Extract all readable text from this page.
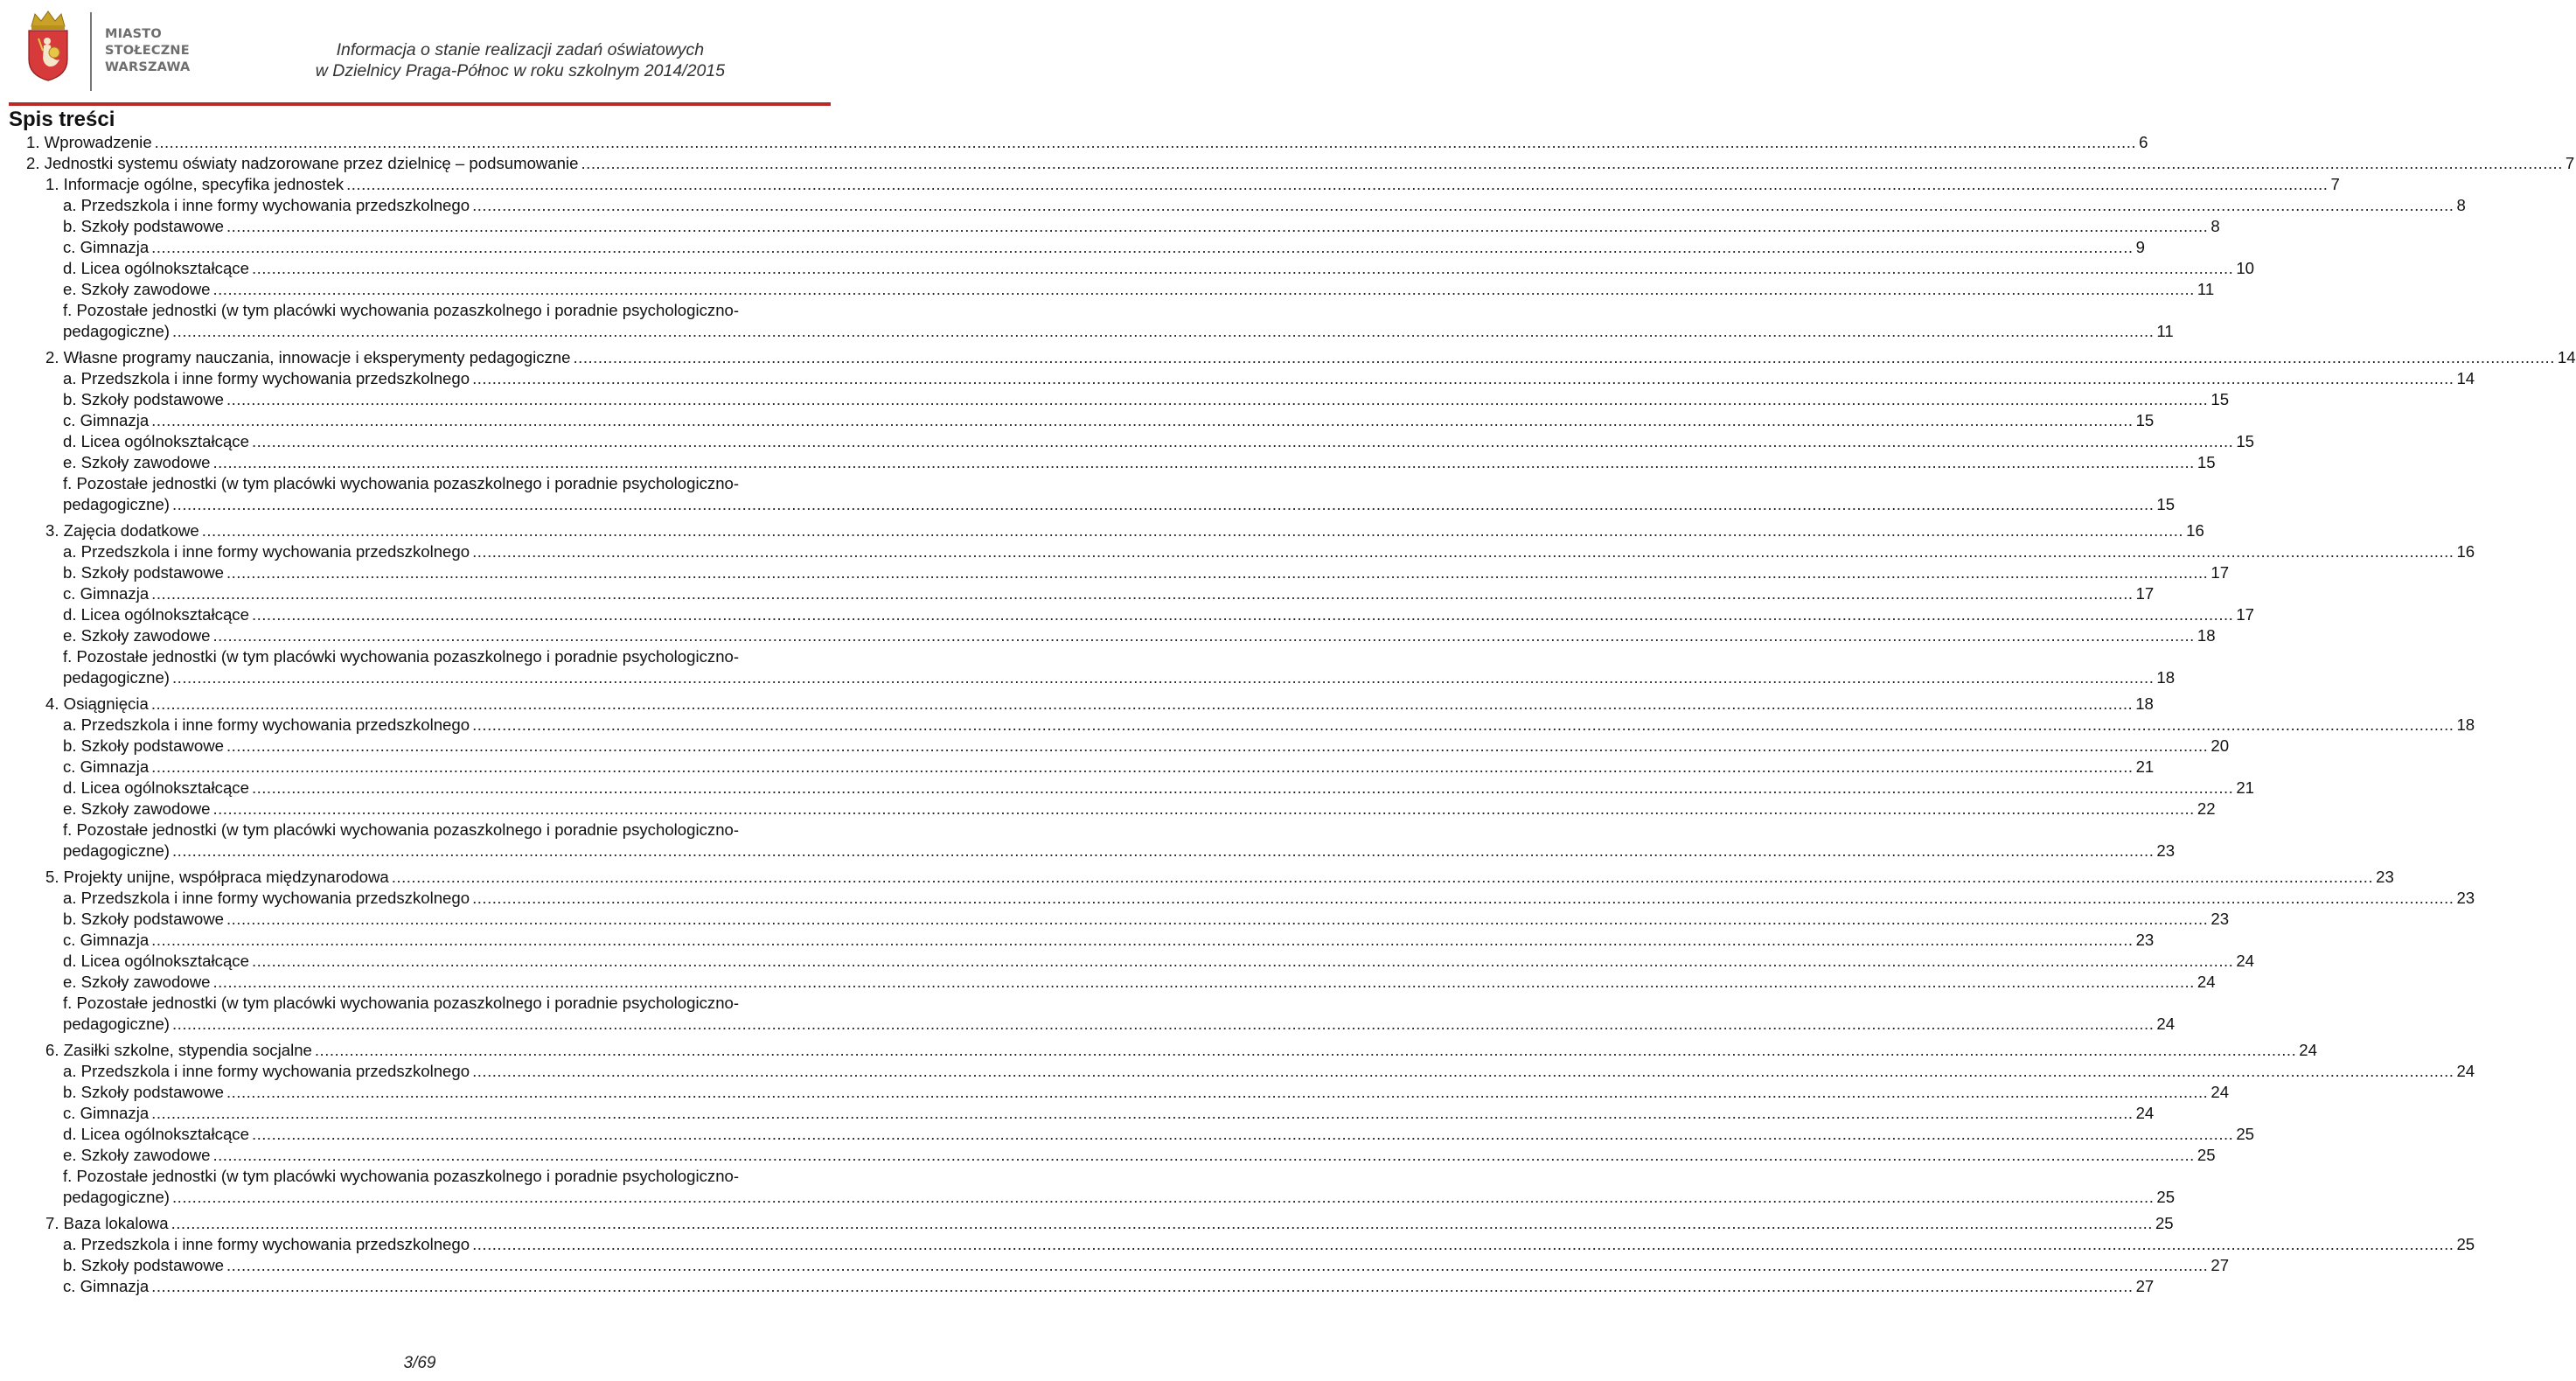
MIASTO
STOŁECZNE
WARSZAWA
Informacja o stanie realizacji zadań oświatowych
w Dzielnicy Praga-Północ w roku szkolnym 2014/2015
Spis treści
1. Wprowadzenie ................................................................................................................................................................................................................................................................................................................................................................................................................ 6
2. Jednostki systemu oświaty nadzorowane przez dzielnicę – podsumowanie ................................................................................................................................................................................................................................................................................................................................................................................................................ 7
1. Informacje ogólne, specyfika jednostek ................................................................................................................................................................................................................................................................................................................................................................................................................ 7
a. Przedszkola i inne formy wychowania przedszkolnego ................................................................................................................................................................................................................................................................................................................................................................................................................ 8
b. Szkoły podstawowe ................................................................................................................................................................................................................................................................................................................................................................................................................ 8
c. Gimnazja ................................................................................................................................................................................................................................................................................................................................................................................................................ 9
d. Licea ogólnokształcące ................................................................................................................................................................................................................................................................................................................................................................................................................ 10
e. Szkoły zawodowe ................................................................................................................................................................................................................................................................................................................................................................................................................ 11
f. Pozostałe jednostki (w tym placówki wychowania pozaszkolnego i poradnie psychologiczno-
pedagogiczne) ................................................................................................................................................................................................................................................................................................................................................................................................................ 11
2. Własne programy nauczania, innowacje i eksperymenty pedagogiczne ................................................................................................................................................................................................................................................................................................................................................................................................................ 14
a. Przedszkola i inne formy wychowania przedszkolnego ................................................................................................................................................................................................................................................................................................................................................................................................................ 14
b. Szkoły podstawowe ................................................................................................................................................................................................................................................................................................................................................................................................................ 15
c. Gimnazja ................................................................................................................................................................................................................................................................................................................................................................................................................ 15
d. Licea ogólnokształcące ................................................................................................................................................................................................................................................................................................................................................................................................................ 15
e. Szkoły zawodowe ................................................................................................................................................................................................................................................................................................................................................................................................................ 15
f. Pozostałe jednostki (w tym placówki wychowania pozaszkolnego i poradnie psychologiczno-
pedagogiczne) ................................................................................................................................................................................................................................................................................................................................................................................................................ 15
3. Zajęcia dodatkowe ................................................................................................................................................................................................................................................................................................................................................................................................................ 16
a. Przedszkola i inne formy wychowania przedszkolnego ................................................................................................................................................................................................................................................................................................................................................................................................................ 16
b. Szkoły podstawowe ................................................................................................................................................................................................................................................................................................................................................................................................................ 17
c. Gimnazja ................................................................................................................................................................................................................................................................................................................................................................................................................ 17
d. Licea ogólnokształcące ................................................................................................................................................................................................................................................................................................................................................................................................................ 17
e. Szkoły zawodowe ................................................................................................................................................................................................................................................................................................................................................................................................................ 18
f. Pozostałe jednostki (w tym placówki wychowania pozaszkolnego i poradnie psychologiczno-
pedagogiczne) ................................................................................................................................................................................................................................................................................................................................................................................................................ 18
4. Osiągnięcia ................................................................................................................................................................................................................................................................................................................................................................................................................ 18
a. Przedszkola i inne formy wychowania przedszkolnego ................................................................................................................................................................................................................................................................................................................................................................................................................ 18
b. Szkoły podstawowe ................................................................................................................................................................................................................................................................................................................................................................................................................ 20
c. Gimnazja ................................................................................................................................................................................................................................................................................................................................................................................................................ 21
d. Licea ogólnokształcące ................................................................................................................................................................................................................................................................................................................................................................................................................ 21
e. Szkoły zawodowe ................................................................................................................................................................................................................................................................................................................................................................................................................ 22
f. Pozostałe jednostki (w tym placówki wychowania pozaszkolnego i poradnie psychologiczno-
pedagogiczne) ................................................................................................................................................................................................................................................................................................................................................................................................................ 23
5. Projekty unijne, współpraca międzynarodowa ................................................................................................................................................................................................................................................................................................................................................................................................................ 23
a. Przedszkola i inne formy wychowania przedszkolnego ................................................................................................................................................................................................................................................................................................................................................................................................................ 23
b. Szkoły podstawowe ................................................................................................................................................................................................................................................................................................................................................................................................................ 23
c. Gimnazja ................................................................................................................................................................................................................................................................................................................................................................................................................ 23
d. Licea ogólnokształcące ................................................................................................................................................................................................................................................................................................................................................................................................................ 24
e. Szkoły zawodowe ................................................................................................................................................................................................................................................................................................................................................................................................................ 24
f. Pozostałe jednostki (w tym placówki wychowania pozaszkolnego i poradnie psychologiczno-
pedagogiczne) ................................................................................................................................................................................................................................................................................................................................................................................................................ 24
6. Zasiłki szkolne, stypendia socjalne ................................................................................................................................................................................................................................................................................................................................................................................................................ 24
a. Przedszkola i inne formy wychowania przedszkolnego ................................................................................................................................................................................................................................................................................................................................................................................................................ 24
b. Szkoły podstawowe ................................................................................................................................................................................................................................................................................................................................................................................................................ 24
c. Gimnazja ................................................................................................................................................................................................................................................................................................................................................................................................................ 24
d. Licea ogólnokształcące ................................................................................................................................................................................................................................................................................................................................................................................................................ 25
e. Szkoły zawodowe ................................................................................................................................................................................................................................................................................................................................................................................................................ 25
f. Pozostałe jednostki (w tym placówki wychowania pozaszkolnego i poradnie psychologiczno-
pedagogiczne) ................................................................................................................................................................................................................................................................................................................................................................................................................ 25
7. Baza lokalowa ................................................................................................................................................................................................................................................................................................................................................................................................................ 25
a. Przedszkola i inne formy wychowania przedszkolnego ................................................................................................................................................................................................................................................................................................................................................................................................................ 25
b. Szkoły podstawowe ................................................................................................................................................................................................................................................................................................................................................................................................................ 27
c. Gimnazja ................................................................................................................................................................................................................................................................................................................................................................................................................ 27
3/69
